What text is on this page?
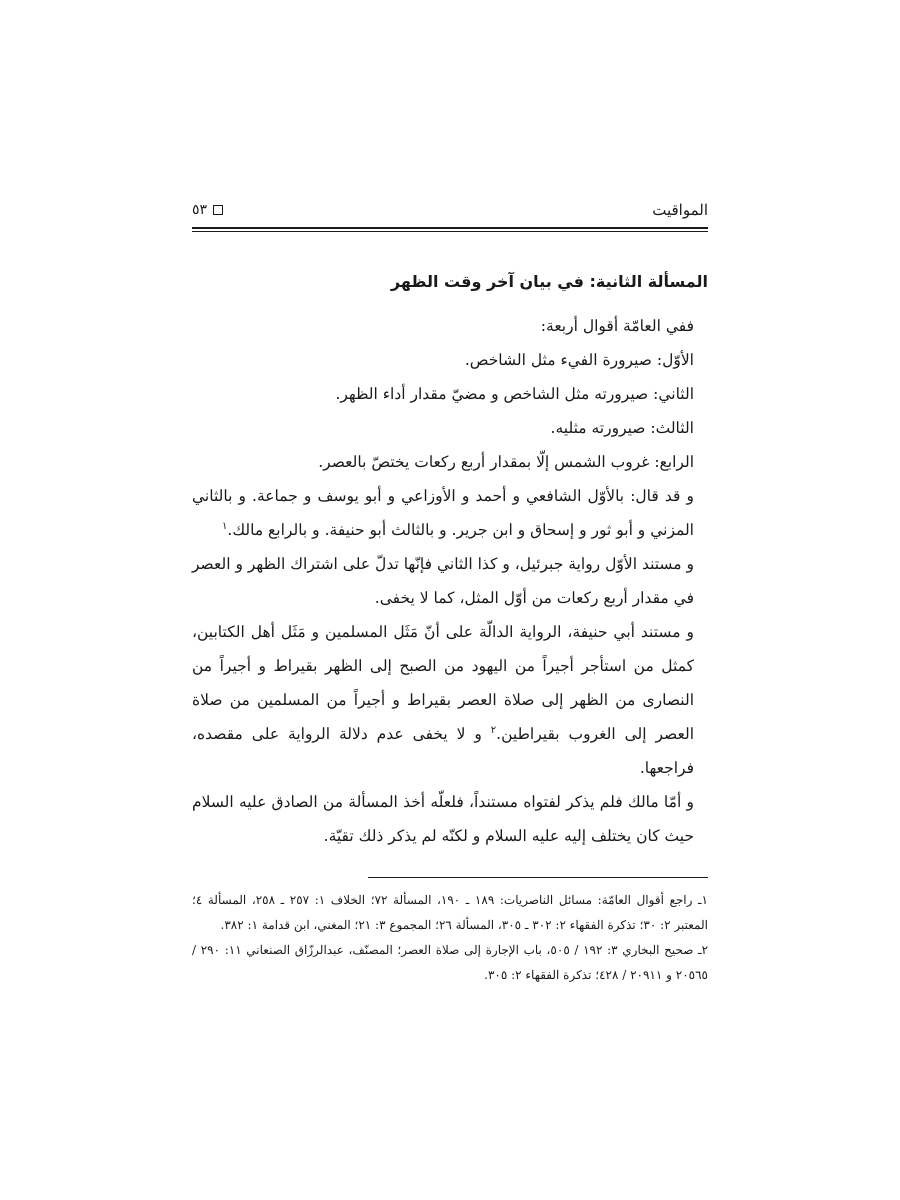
المواقيت
٥٣
المسألة الثانية: في بيان آخر وقت الظهر

ففي العامّة أقوال أربعة:

الأوّل: صيرورة الفيء مثل الشاخص.

الثاني: صيرورته مثل الشاخص و مضيّ مقدار أداء الظهر.

الثالث: صيرورته مثليه.

الرابع: غروب الشمس إلّا بمقدار أربع ركعات يختصّ بالعصر.

و قد قال: بالأوّل الشافعي و أحمد و الأوزاعي و أبو يوسف و جماعة. و بالثاني المزني و أبو ثور و إسحاق و ابن جرير. و بالثالث أبو حنيفة. و بالرابع مالك.$^١$

و مستند الأوّل رواية جبرئيل، و كذا الثاني فإنّها تدلّ على اشتراك الظهر و العصر في مقدار أربع ركعات من أوّل المثل، كما لا يخفى.

و مستند أبي حنيفة، الرواية الدالّة على أنّ مَثَل المسلمين و مَثَل أهل الكتابين، كمثل من استأجر أجيراً من اليهود من الصبح إلى الظهر بقيراط و أجيراً من النصارى من الظهر إلى صلاة العصر بقيراط و أجيراً من المسلمين من صلاة العصر إلى الغروب بقيراطين.$^٢$ و لا يخفى عدم دلالة الرواية على مقصده، فراجعها.

و أمّا مالك فلم يذكر لفتواه مستنداً، فلعلّه أخذ المسألة من الصادق عليه السلام حيث كان يختلف إليه عليه السلام و لكنّه لم يذكر ذلك تقيّة.

١ـ راجع أقوال العامّة: مسائل الناصريات: ١٨٩ ـ ١٩٠، المسألة ٧٢؛ الخلاف ١: ٢٥٧ ـ ٢٥٨، المسألة ٤؛ المعتبر ٢: ٣٠؛ تذكرة الفقهاء ٢: ٣٠٢ ـ ٣٠٥، المسألة ٢٦؛ المجموع ٣: ٢١؛ المغني، ابن قدامة ١: ٣٨٢.

٢ـ صحيح البخاري ٣: ١٩٢ / ٥٠٥، باب الإجارة إلى صلاة العصر؛ المصنّف، عبدالرزّاق الصنعاني ١١: ٢٩٠ / ٢٠٥٦٥ و ٢٠٩١١ / ٤٢٨؛ تذكرة الفقهاء ٢: ٣٠٥.
